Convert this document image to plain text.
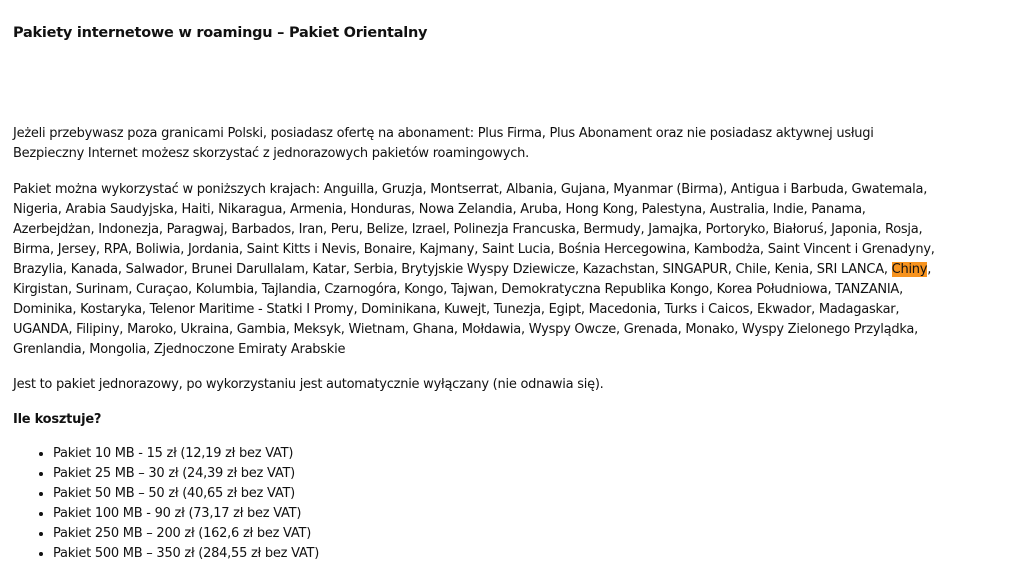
Pakiety internetowe w roamingu – Pakiet Orientalny
Jeżeli przebywasz poza granicami Polski, posiadasz ofertę na abonament: Plus Firma, Plus Abonament oraz nie posiadasz aktywnej usługi
Bezpieczny Internet możesz skorzystać z jednorazowych pakietów roamingowych.
Pakiet można wykorzystać w poniższych krajach: Anguilla, Gruzja, Montserrat, Albania, Gujana, Myanmar (Birma), Antigua i Barbuda, Gwatemala,
Nigeria, Arabia Saudyjska, Haiti, Nikaragua, Armenia, Honduras, Nowa Zelandia, Aruba, Hong Kong, Palestyna, Australia, Indie, Panama,
Azerbejdżan, Indonezja, Paragwaj, Barbados, Iran, Peru, Belize, Izrael, Polinezja Francuska, Bermudy, Jamajka, Portoryko, Białoruś, Japonia, Rosja,
Birma, Jersey, RPA, Boliwia, Jordania, Saint Kitts i Nevis, Bonaire, Kajmany, Saint Lucia, Bośnia Hercegowina, Kambodża, Saint Vincent i Grenadyny,
Brazylia, Kanada, Salwador, Brunei Darullalam, Katar, Serbia, Brytyjskie Wyspy Dziewicze, Kazachstan, SINGAPUR, Chile, Kenia, SRI LANCA, Chiny,
Kirgistan, Surinam, Curaçao, Kolumbia, Tajlandia, Czarnogóra, Kongo, Tajwan, Demokratyczna Republika Kongo, Korea Południowa, TANZANIA,
Dominika, Kostaryka, Telenor Maritime - Statki I Promy, Dominikana, Kuwejt, Tunezja, Egipt, Macedonia, Turks i Caicos, Ekwador, Madagaskar,
UGANDA, Filipiny, Maroko, Ukraina, Gambia, Meksyk, Wietnam, Ghana, Mołdawia, Wyspy Owcze, Grenada, Monako, Wyspy Zielonego Przylądka,
Grenlandia, Mongolia, Zjednoczone Emiraty Arabskie
Jest to pakiet jednorazowy, po wykorzystaniu jest automatycznie wyłączany (nie odnawia się).
Ile kosztuje?
• Pakiet 10 MB - 15 zł (12,19 zł bez VAT)
• Pakiet 25 MB – 30 zł (24,39 zł bez VAT)
• Pakiet 50 MB – 50 zł (40,65 zł bez VAT)
• Pakiet 100 MB - 90 zł (73,17 zł bez VAT)
• Pakiet 250 MB – 200 zł (162,6 zł bez VAT)
• Pakiet 500 MB – 350 zł (284,55 zł bez VAT)
